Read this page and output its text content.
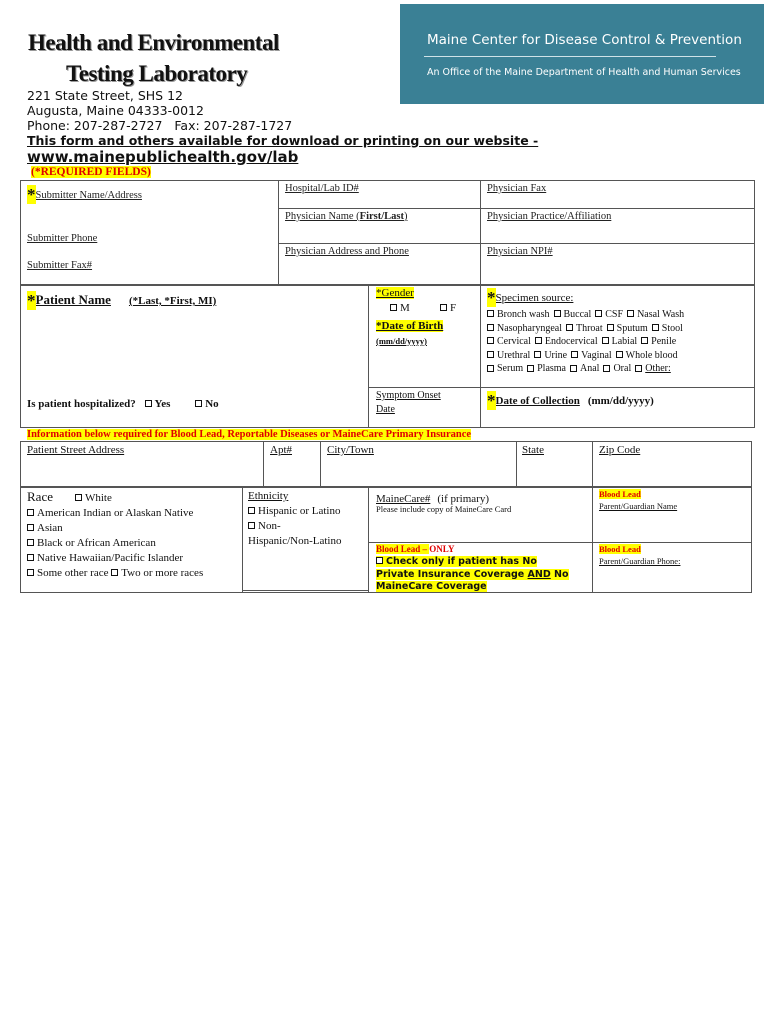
Health and Environmental
Testing Laboratory
221 State Street, SHS 12
Augusta, Maine 04333-0012
Phone: 207-287-2727   Fax: 207-287-1727
This form and others available for download or printing on our website -
www.mainepublichealth.gov/lab
Maine Center for Disease Control & Prevention
An Office of the Maine Department of Health and Human Services
(*REQUIRED FIELDS)
*Submitter Name/Address
Submitter Phone
Submitter Fax#
Hospital/Lab ID#	Physician Fax
Physician Name (First/Last)	Physician Practice/Affiliation
Physician Address and Phone	Physician NPI#
*Patient Name (*Last, *First, MI)
Is patient hospitalized? Yes	No
*Gender
M	F
*Date of Birth
(mm/dd/yyyy)
Symptom Onset
Date
*Specimen source:
Bronch wash Buccal CSF Nasal Wash
Nasopharyngeal Throat Sputum Stool
Cervical Endocervical Labial Penile
Urethral Urine Vaginal Whole blood
Serum Plasma Anal Oral Other:
*Date of Collection (mm/dd/yyyy)
Information below required for Blood Lead, Reportable Diseases or MaineCare Primary Insurance
Patient Street Address	Apt#	City/Town	State	Zip Code
Race	White
American Indian or Alaskan Native
Asian
Black or African American
Native Hawaiian/Pacific Islander
Some other race Two or more races
Ethnicity
Hispanic or Latino
Non-
Hispanic/Non-Latino
MaineCare# (if primary)
Please include copy of MaineCare Card
Blood Lead – ONLY
Check only if patient has No
Private Insurance Coverage AND No
MaineCare Coverage
Blood Lead
Parent/Guardian Name
Blood Lead
Parent/Guardian Phone:
